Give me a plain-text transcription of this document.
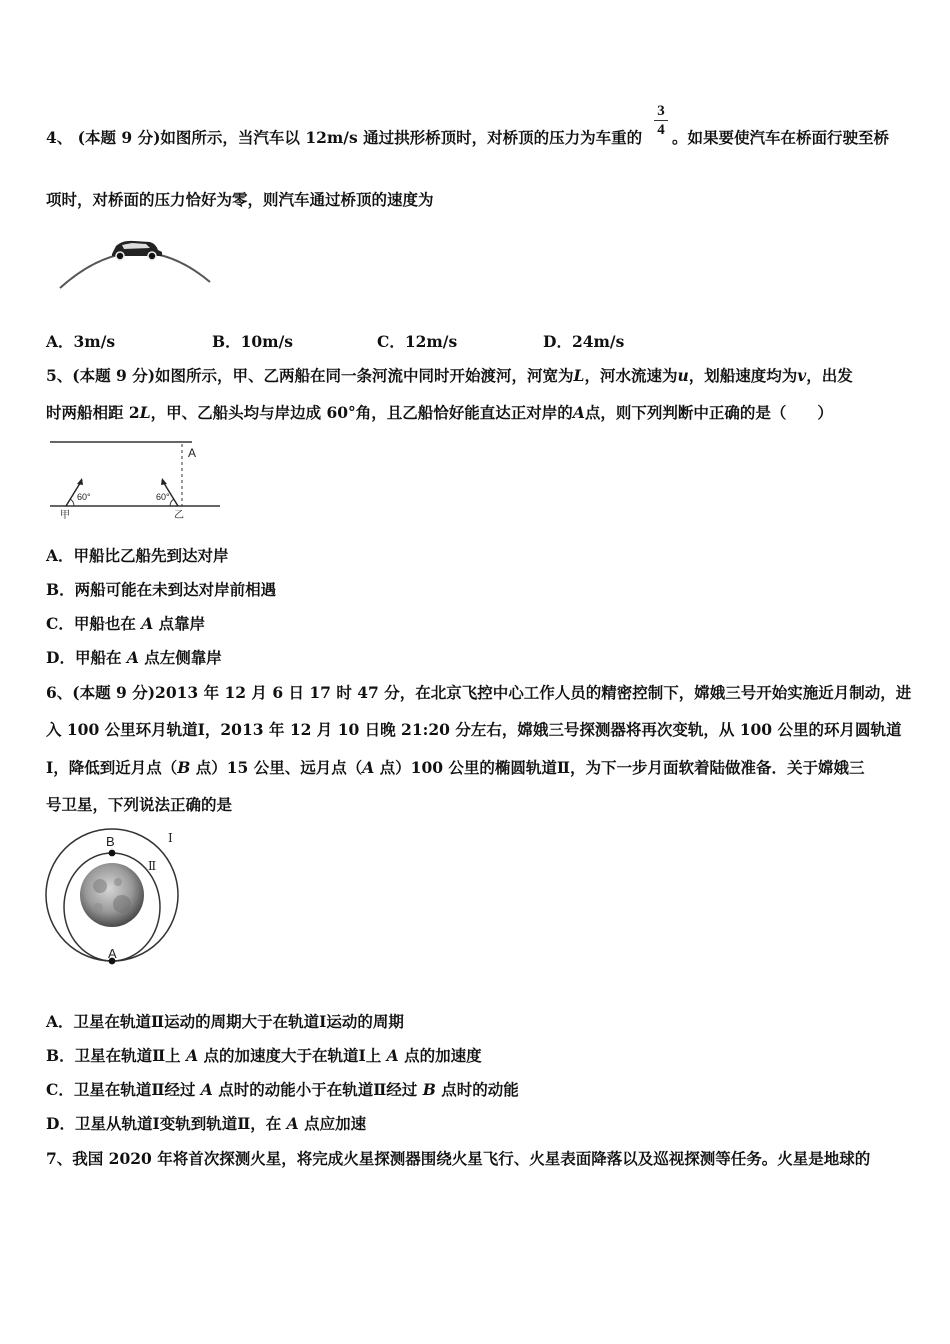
4、 (本题 9 分)如图所示，当汽车以 12m/s 通过拱形桥顶时，对桥顶的压力为车重的
3
4 。如果要使汽车在桥面行驶至桥
项时，对桥面的压力恰好为零，则汽车通过桥顶的速度为
A．3m/s	B．10m/s	C．12m/s	D．24m/s
5、(本题 9 分)如图所示，甲、乙两船在同一条河流中同时开始渡河，河宽为L，河水流速为u，划船速度均为v，出发
时两船相距 2L，甲、乙船头均与岸边成 60°角，且乙船恰好能直达正对岸的A点，则下列判断中正确的是（　　）
A
60°
甲
60°
乙
A．甲船比乙船先到达对岸
B．两船可能在未到达对岸前相遇
C．甲船也在 A 点靠岸
D．甲船在 A 点左侧靠岸
6、(本题 9 分)2013 年 12 月 6 日 17 时 47 分，在北京飞控中心工作人员的精密控制下，嫦娥三号开始实施近月制动，进
入 100 公里环月轨道Ⅰ，2013 年 12 月 10 日晚 21:20 分左右，嫦娥三号探测器将再次变轨，从 100 公里的环月圆轨道
Ⅰ，降低到近月点（B 点）15 公里、远月点（A 点）100 公里的椭圆轨道Ⅱ，为下一步月面软着陆做准备．关于嫦娥三
号卫星，下列说法正确的是
B
A
Ⅰ
Ⅱ
A．卫星在轨道Ⅱ运动的周期大于在轨道Ⅰ运动的周期
B．卫星在轨道Ⅱ上 A 点的加速度大于在轨道Ⅰ上 A 点的加速度
C．卫星在轨道Ⅱ经过 A 点时的动能小于在轨道Ⅱ经过 B 点时的动能
D．卫星从轨道Ⅰ变轨到轨道Ⅱ，在 A 点应加速
7、我国 2020 年将首次探测火星，将完成火星探测器围绕火星飞行、火星表面降落以及巡视探测等任务。火星是地球的
